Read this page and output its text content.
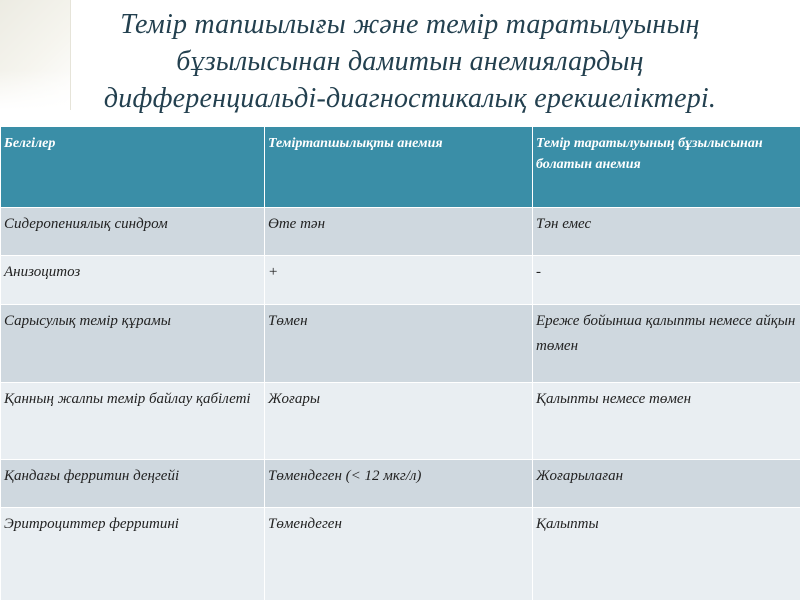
Темір тапшылығы және темір таратылуының
бұзылысынан дамитын анемиялардың
дифференциальді-диагностикалық ерекшеліктері.
Белгілер	Теміртапшылықты анемия	Темір таратылуының бұзылысынан болатын анемия
Сидеропениялық синдром	Өте тән	Тән емес
Анизоцитоз	+	-
Сарысулық темір құрамы	Төмен	Ереже бойынша қалыпты немесе айқын төмен
Қанның жалпы темір байлау қабілеті	Жоғары	Қалыпты немесе төмен
Қандағы ферритин деңгейі	Төмендеген (< 12 мкг/л)	Жоғарылаған
Эритроциттер ферритині	Төмендеген	Қалыпты
